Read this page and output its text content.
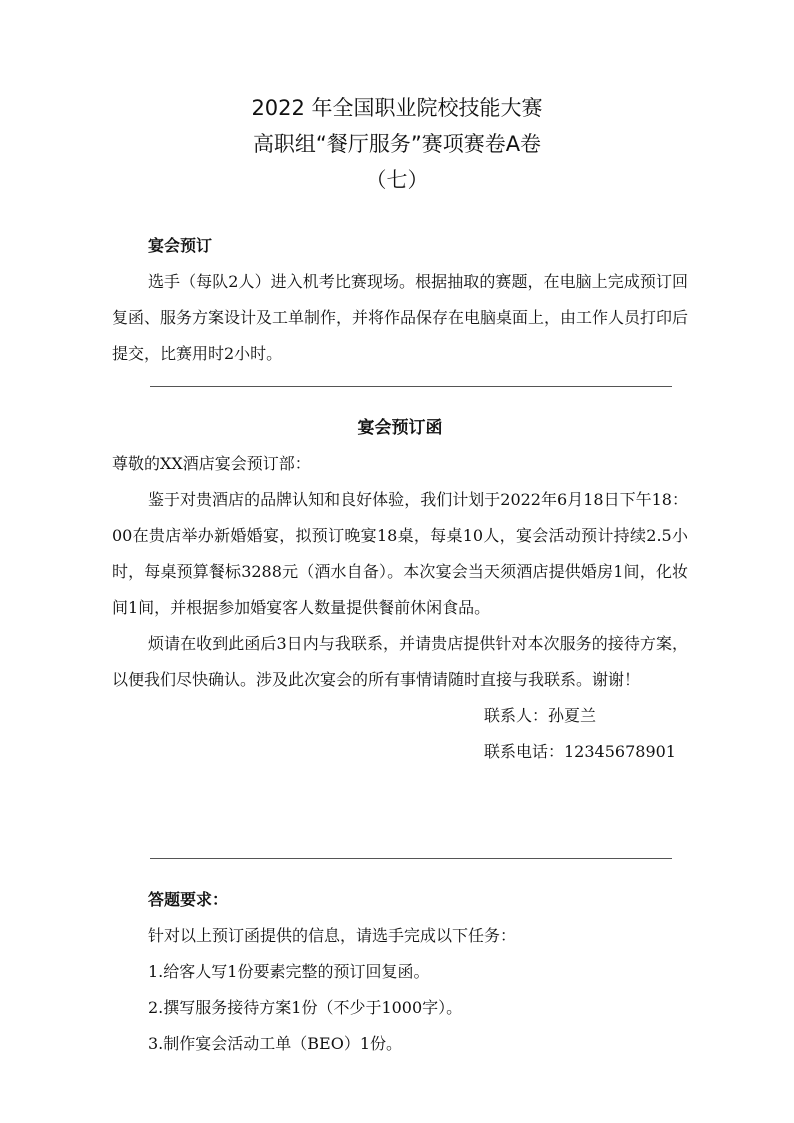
2022 年全国职业院校技能大赛
高职组“餐厅服务”赛项赛卷A卷
（七）
宴会预订
选手（每队2人）进入机考比赛现场。根据抽取的赛题，在电脑上完成预订回复函、服务方案设计及工单制作，并将作品保存在电脑桌面上，由工作人员打印后提交，比赛用时2小时。
宴会预订函
尊敬的XX酒店宴会预订部：
鉴于对贵酒店的品牌认知和良好体验，我们计划于2022年6月18日下午18：00在贵店举办新婚婚宴，拟预订晚宴18桌，每桌10人，宴会活动预计持续2.5小时，每桌预算餐标3288元（酒水自备）。本次宴会当天须酒店提供婚房1间，化妆间1间，并根据参加婚宴客人数量提供餐前休闲食品。
烦请在收到此函后3日内与我联系，并请贵店提供针对本次服务的接待方案，以便我们尽快确认。涉及此次宴会的所有事情请随时直接与我联系。谢谢！
联系人：孙夏兰
联系电话：12345678901
答题要求：
针对以上预订函提供的信息，请选手完成以下任务：
1.给客人写1份要素完整的预订回复函。
2.撰写服务接待方案1份（不少于1000字）。
3.制作宴会活动工单（BEO）1份。
